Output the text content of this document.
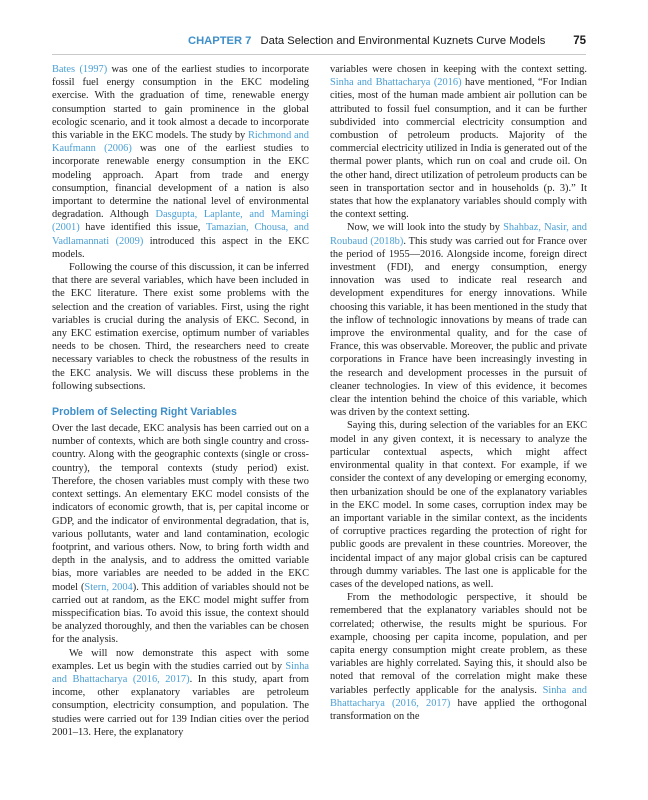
CHAPTER 7 Data Selection and Environmental Kuznets Curve Models 75

Bates (1997) was one of the earliest studies to incorporate fossil fuel energy consumption in the EKC modeling exercise. With the graduation of time, renewable energy consumption started to gain prominence in the global ecologic scenario, and it took almost a decade to incorporate this variable in the EKC models. The study by Richmond and Kaufmann (2006) was one of the earliest studies to incorporate renewable energy consumption in the EKC modeling approach. Apart from trade and energy consumption, financial development of a nation is also important to determine the national level of environmental degradation. Although Dasgupta, Laplante, and Mamingi (2001) have identified this issue, Tamazian, Chousa, and Vadlamannati (2009) introduced this aspect in the EKC models.

Following the course of this discussion, it can be inferred that there are several variables, which have been included in the EKC literature. There exist some problems with the selection and the creation of variables. First, using the right variables is crucial during the analysis of EKC. Second, in any EKC estimation exercise, optimum number of variables needs to be chosen. Third, the researchers need to create necessary variables to check the robustness of the results in the EKC analysis. We will discuss these problems in the following subsections.

Problem of Selecting Right Variables

Over the last decade, EKC analysis has been carried out on a number of contexts, which are both single country and cross-country. Along with the geographic contexts (single or cross-country), the temporal contexts (study period) exist. Therefore, the chosen variables must comply with these two context settings. An elementary EKC model consists of the indicators of economic growth, that is, per capital income or GDP, and the indicator of environmental degradation, that is, various pollutants, water and land contamination, ecologic footprint, and various others. Now, to bring forth width and depth in the analysis, and to address the omitted variable bias, more variables are needed to be added in the EKC model (Stern, 2004). This addition of variables should not be carried out at random, as the EKC model might suffer from misspecification bias. To avoid this issue, the context should be analyzed thoroughly, and then the variables can be chosen for the analysis.

We will now demonstrate this aspect with some examples. Let us begin with the studies carried out by Sinha and Bhattacharya (2016, 2017). In this study, apart from income, other explanatory variables are petroleum consumption, electricity consumption, and population. The studies were carried out for 139 Indian cities over the period 2001–13. Here, the explanatory

variables were chosen in keeping with the context setting. Sinha and Bhattacharya (2016) have mentioned, “For Indian cities, most of the human made ambient air pollution can be attributed to fossil fuel consumption, and it can be further subdivided into commercial electricity consumption and combustion of petroleum products. Majority of the commercial electricity utilized in India is generated out of the thermal power plants, which run on coal and crude oil. On the other hand, direct utilization of petroleum products can be seen in transportation sector and in households (p. 3).” It states that how the explanatory variables should comply with the context setting.

Now, we will look into the study by Shahbaz, Nasir, and Roubaud (2018b). This study was carried out for France over the period of 1955—2016. Alongside income, foreign direct investment (FDI), and energy consumption, energy innovation was used to indicate real research and development expenditures for energy innovations. While choosing this variable, it has been mentioned in the study that the inflow of technologic innovations by means of trade can improve the environmental quality, and for the case of France, this was observable. Moreover, the public and private corporations in France have been increasingly investing in the research and development processes in the pursuit of cleaner technologies. In view of this evidence, it becomes clear the intention behind the choice of this variable, which was driven by the context setting.

Saying this, during selection of the variables for an EKC model in any given context, it is necessary to analyze the particular contextual aspects, which might affect environmental quality in that context. For example, if we consider the context of any developing or emerging economy, then urbanization should be one of the explanatory variables in the EKC model. In some cases, corruption index may be an important variable in the similar context, as the incidents of corruptive practices regarding the protection of right for public goods are prevalent in these countries. Moreover, the incidental impact of any major global crisis can be captured through dummy variables. The last one is applicable for the cases of the developed nations, as well.

From the methodologic perspective, it should be remembered that the explanatory variables should not be correlated; otherwise, the results might be spurious. For example, choosing per capita income, population, and per capita energy consumption might create problem, as these variables are highly correlated. Saying this, it should also be noted that removal of the correlation might make these variables perfectly applicable for the analysis. Sinha and Bhattacharya (2016, 2017) have applied the orthogonal transformation on the
